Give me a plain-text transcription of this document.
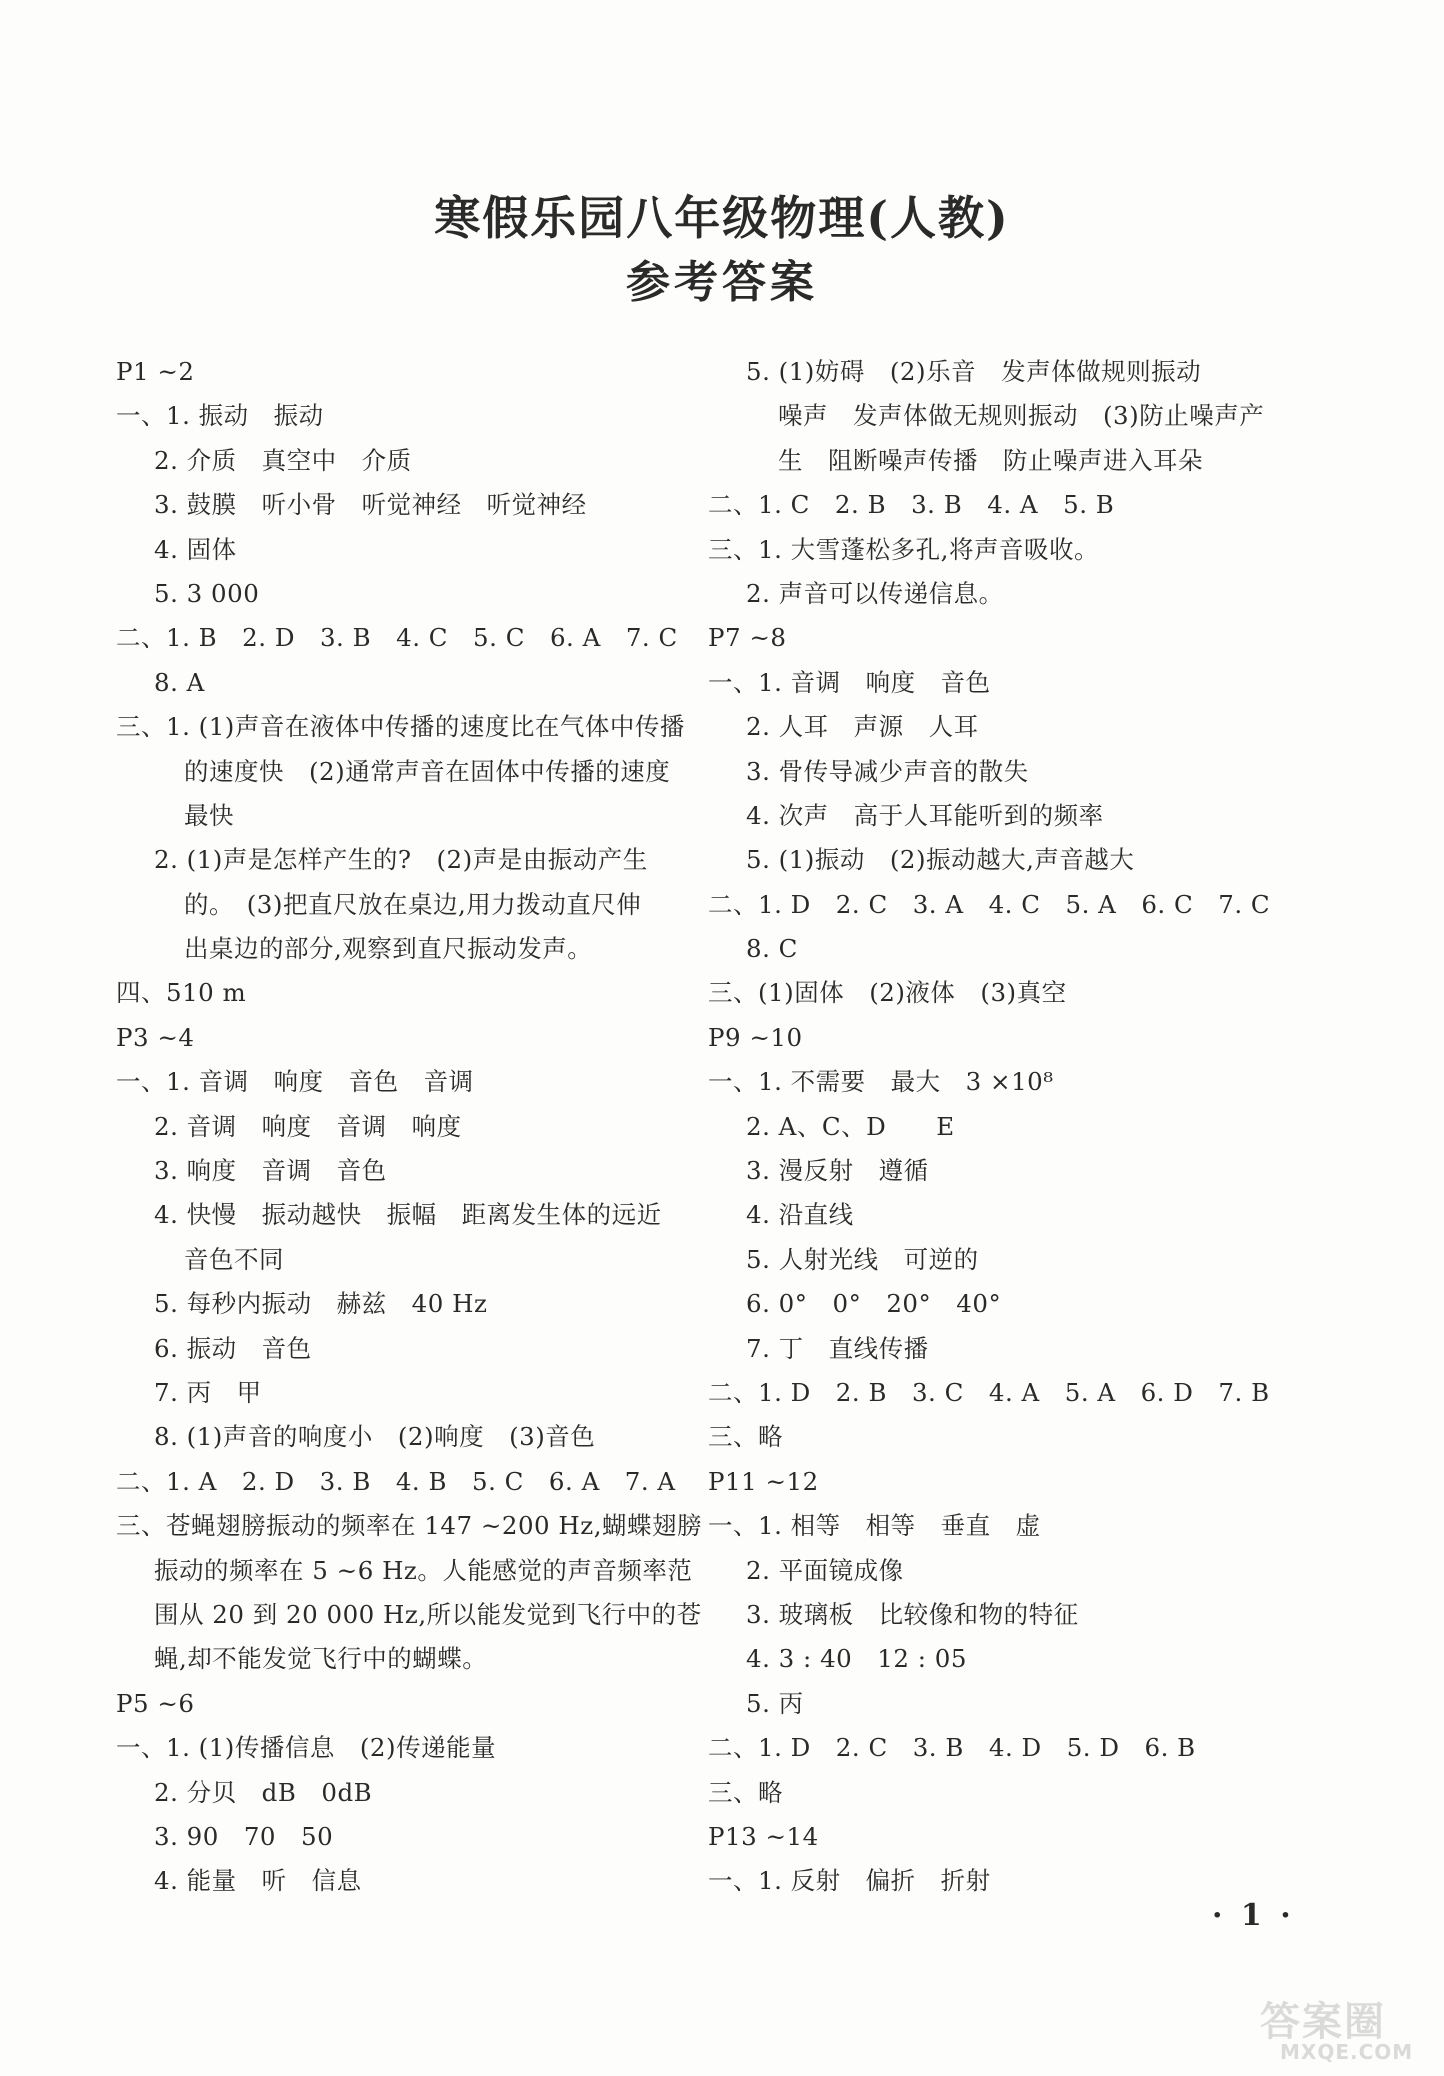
寒假乐园八年级物理(人教)
参考答案
P1 ~2
一、1. 振动　振动
2. 介质　真空中　介质
3. 鼓膜　听小骨　听觉神经　听觉神经
4. 固体
5. 3 000
二、1. B　2. D　3. B　4. C　5. C　6. A　7. C
8. A
三、1. (1)声音在液体中传播的速度比在气体中传播
的速度快　(2)通常声音在固体中传播的速度
最快
2. (1)声是怎样产生的?　(2)声是由振动产生
的。　(3)把直尺放在桌边,用力拨动直尺伸
出桌边的部分,观察到直尺振动发声。
四、510 m
P3 ~4
一、1. 音调　响度　音色　音调
2. 音调　响度　音调　响度
3. 响度　音调　音色
4. 快慢　振动越快　振幅　距离发生体的远近
音色不同
5. 每秒内振动　赫兹　40 Hz
6. 振动　音色
7. 丙　甲
8. (1)声音的响度小　(2)响度　(3)音色
二、1. A　2. D　3. B　4. B　5. C　6. A　7. A
三、苍蝇翅膀振动的频率在 147 ~200 Hz,蝴蝶翅膀
振动的频率在 5 ~6 Hz。人能感觉的声音频率范
围从 20 到 20 000 Hz,所以能发觉到飞行中的苍
蝇,却不能发觉飞行中的蝴蝶。
P5 ~6
一、1. (1)传播信息　(2)传递能量
2. 分贝　dB　0dB
3. 90　70　50
4. 能量　听　信息
5. (1)妨碍　(2)乐音　发声体做规则振动
噪声　发声体做无规则振动　(3)防止噪声产
生　阻断噪声传播　防止噪声进入耳朵
二、1. C　2. B　3. B　4. A　5. B
三、1. 大雪蓬松多孔,将声音吸收。
2. 声音可以传递信息。
P7 ~8
一、1. 音调　响度　音色
2. 人耳　声源　人耳
3. 骨传导减少声音的散失
4. 次声　高于人耳能听到的频率
5. (1)振动　(2)振动越大,声音越大
二、1. D　2. C　3. A　4. C　5. A　6. C　7. C
8. C
三、(1)固体　(2)液体　(3)真空
P9 ~10
一、1. 不需要　最大　3 ×10⁸
2. A、C、D　　E
3. 漫反射　遵循
4. 沿直线
5. 人射光线　可逆的
6. 0°　0°　20°　40°
7. 丁　直线传播
二、1. D　2. B　3. C　4. A　5. A　6. D　7. B
三、略
P11 ~12
一、1. 相等　相等　垂直　虚
2. 平面镜成像
3. 玻璃板　比较像和物的特征
4. 3 : 40　12 : 05
5. 丙
二、1. D　2. C　3. B　4. D　5. D　6. B
三、略
P13 ~14
一、1. 反射　偏折　折射
· 1 ·
答案圈
MXQE.COM
